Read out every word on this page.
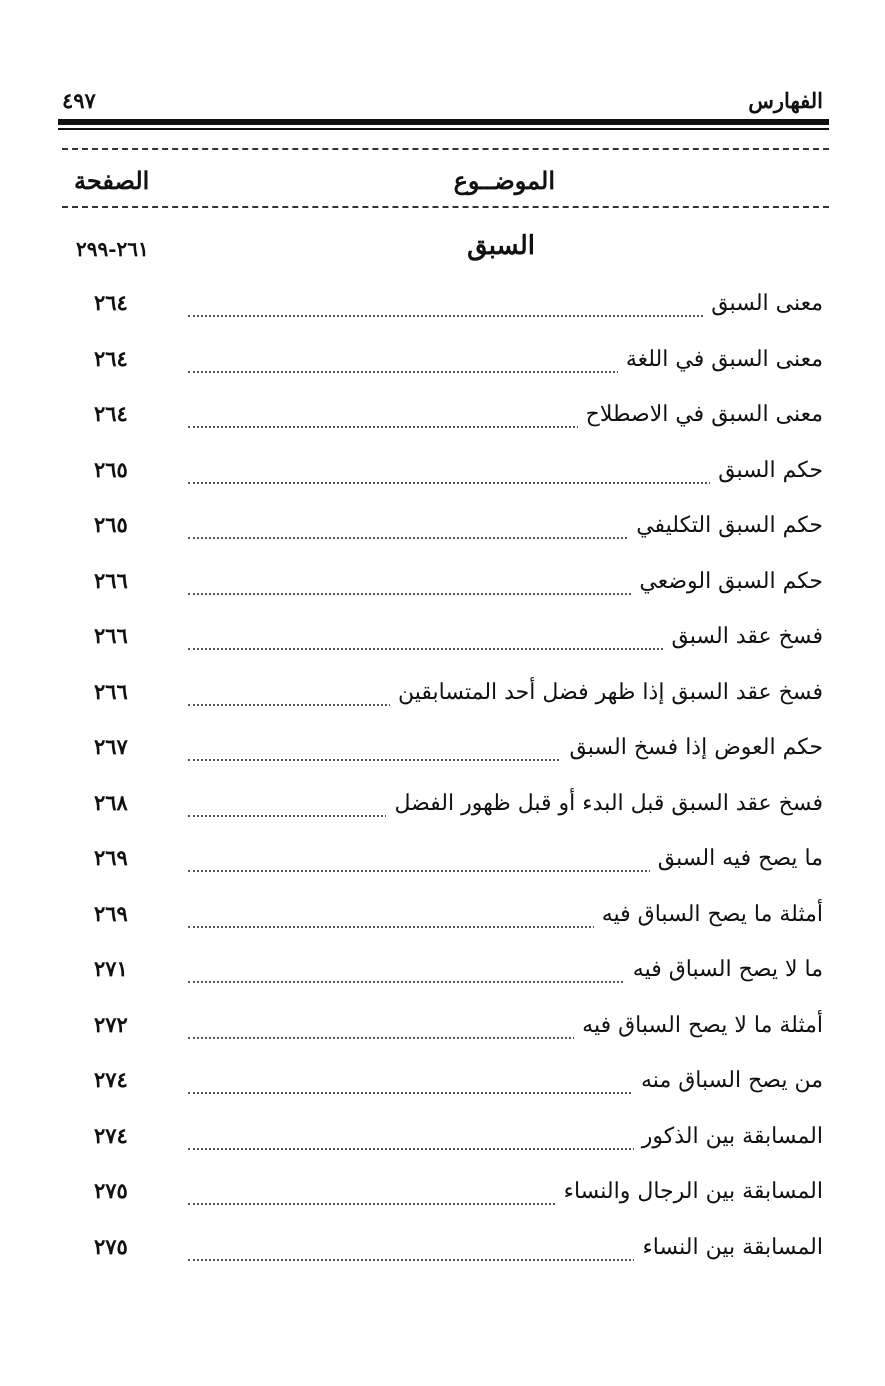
الفهارس
٤٩٧
الموضــوع
الصفحة
السبق
٢٦١-٢٩٩
معنى السبق
٢٦٤
معنى السبق في اللغة
٢٦٤
معنى السبق في الاصطلاح
٢٦٤
حكم السبق
٢٦٥
حكم السبق التكليفي
٢٦٥
حكم السبق الوضعي
٢٦٦
فسخ عقد السبق
٢٦٦
فسخ عقد السبق إذا ظهر فضل أحد المتسابقين
٢٦٦
حكم العوض إذا فسخ السبق
٢٦٧
فسخ عقد السبق قبل البدء أو قبل ظهور الفضل
٢٦٨
ما يصح فيه السبق
٢٦٩
أمثلة ما يصح السباق فيه
٢٦٩
ما لا يصح السباق فيه
٢٧١
أمثلة ما لا يصح السباق فيه
٢٧٢
من يصح السباق منه
٢٧٤
المسابقة بين الذكور
٢٧٤
المسابقة بين الرجال والنساء
٢٧٥
المسابقة بين النساء
٢٧٥
